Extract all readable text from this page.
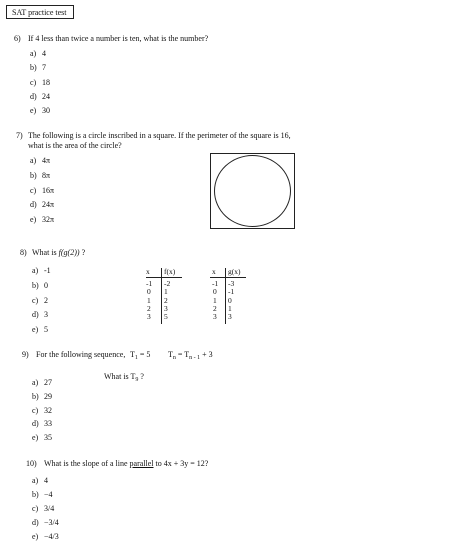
SAT practice test
6) If 4 less than twice a number is ten, what is the number?
a) 4
b) 7
c) 18
d) 24
e) 30
7) The following is a circle inscribed in a square. If the perimeter of the square is 16,
what is the area of the circle?
a) 4π
b) 8π
c) 16π
d) 24π
e) 32π
8) What is f(g(2)) ?
a) -1
b) 0
c) 2
d) 3
e) 5
x f(x)
-1 -2
0 1
1 2
2 3
3 5
x g(x)
-1 -3
0 -1
1 0
2 1
3 3
9) For the following sequence, $T_1 = 5$ $T_n = T_{n - 1} + 3$
What is $T_9$ ?
a) 27
b) 29
c) 32
d) 33
e) 35
10) What is the slope of a line parallel to 4x + 3y = 12?
a) 4
b) −4
c) 3/4
d) −3/4
e) −4/3
